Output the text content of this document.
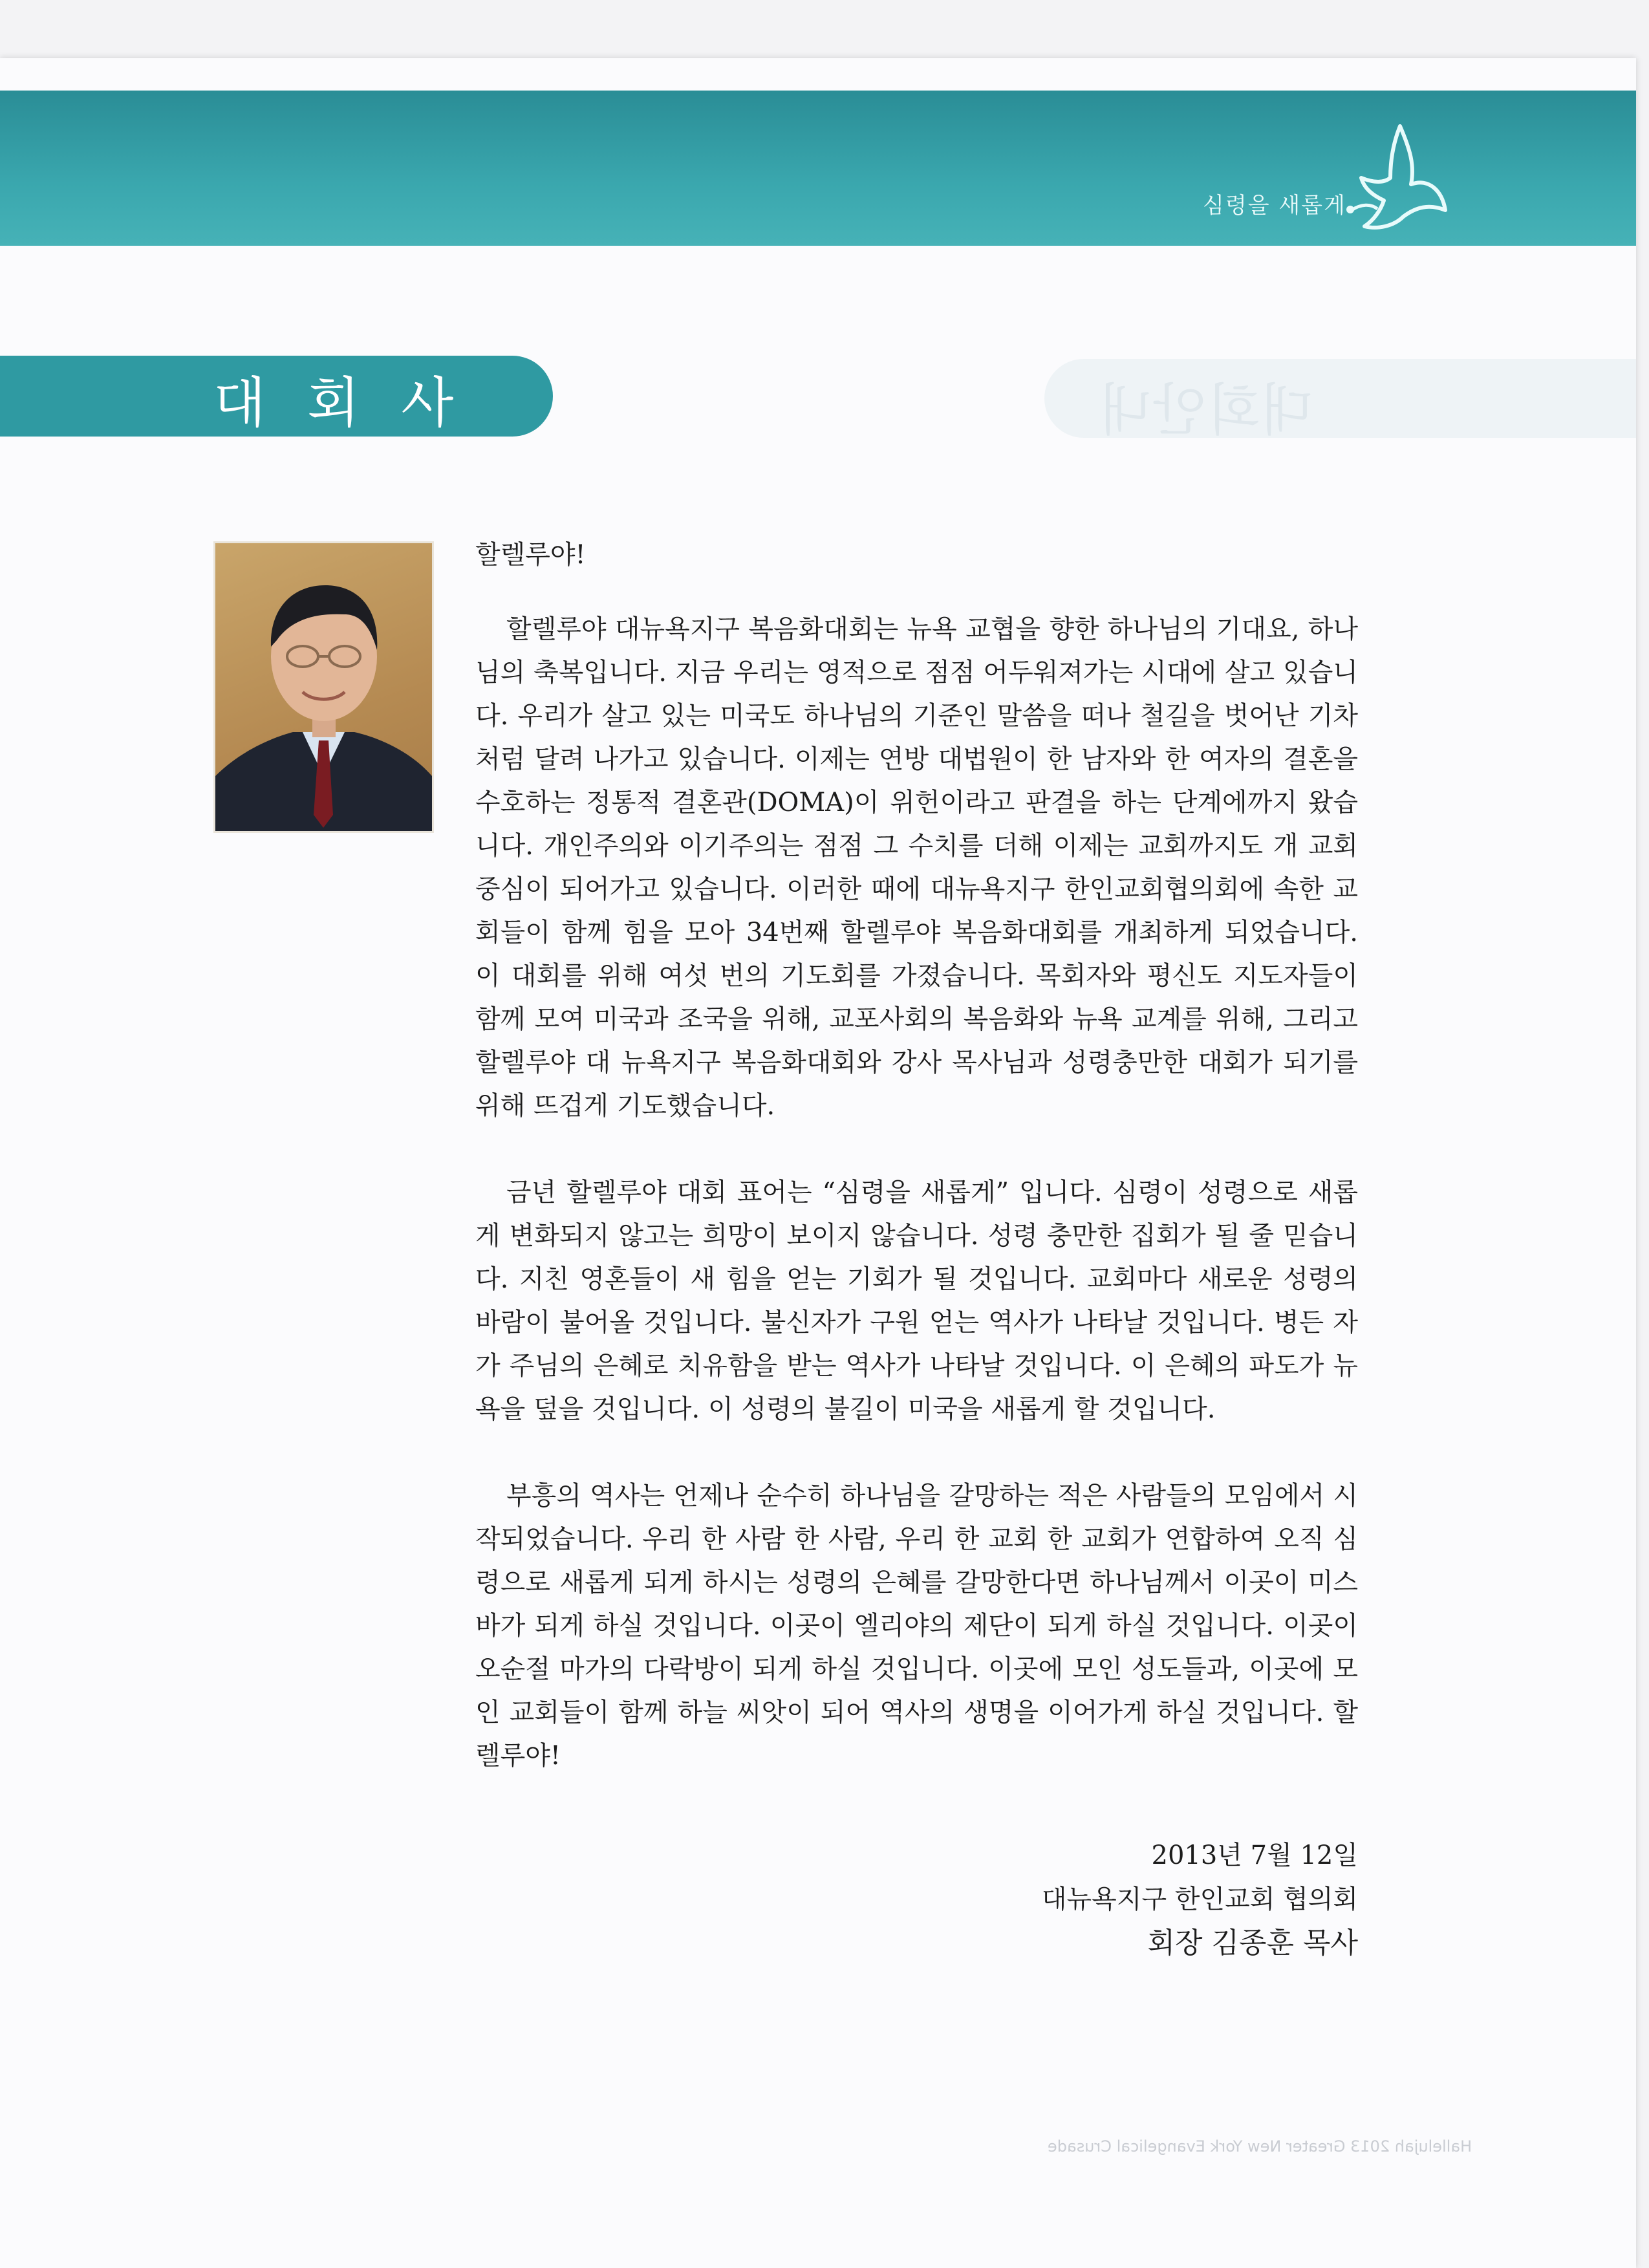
심령을 새롭게
대회사	대회안내

할렐루야!

할렐루야 대뉴욕지구 복음화대회는 뉴욕 교협을 향한 하나님의 기대요, 하나님의 축복입니다. 지금 우리는 영적으로 점점 어두워져가는 시대에 살고 있습니다. 우리가 살고 있는 미국도 하나님의 기준인 말씀을 떠나 철길을 벗어난 기차처럼 달려 나가고 있습니다. 이제는 연방 대법원이 한 남자와 한 여자의 결혼을 수호하는 정통적 결혼관(DOMA)이 위헌이라고 판결을 하는 단계에까지 왔습니다. 개인주의와 이기주의는 점점 그 수치를 더해 이제는 교회까지도 개 교회중심이 되어가고 있습니다. 이러한 때에 대뉴욕지구 한인교회협의회에 속한 교회들이 함께 힘을 모아 34번째 할렐루야 복음화대회를 개최하게 되었습니다. 이 대회를 위해 여섯 번의 기도회를 가졌습니다. 목회자와 평신도 지도자들이 함께 모여 미국과 조국을 위해, 교포사회의 복음화와 뉴욕 교계를 위해, 그리고 할렐루야 대 뉴욕지구 복음화대회와 강사 목사님과 성령충만한 대회가 되기를 위해 뜨겁게 기도했습니다.

금년 할렐루야 대회 표어는 “심령을 새롭게” 입니다. 심령이 성령으로 새롭게 변화되지 않고는 희망이 보이지 않습니다. 성령 충만한 집회가 될 줄 믿습니다. 지친 영혼들이 새 힘을 얻는 기회가 될 것입니다. 교회마다 새로운 성령의 바람이 불어올 것입니다. 불신자가 구원 얻는 역사가 나타날 것입니다. 병든 자가 주님의 은혜로 치유함을 받는 역사가 나타날 것입니다. 이 은혜의 파도가 뉴욕을 덮을 것입니다. 이 성령의 불길이 미국을 새롭게 할 것입니다.

부흥의 역사는 언제나 순수히 하나님을 갈망하는 적은 사람들의 모임에서 시작되었습니다. 우리 한 사람 한 사람, 우리 한 교회 한 교회가 연합하여 오직 심령으로 새롭게 되게 하시는 성령의 은혜를 갈망한다면 하나님께서 이곳이 미스바가 되게 하실 것입니다. 이곳이 엘리야의 제단이 되게 하실 것입니다. 이곳이 오순절 마가의 다락방이 되게 하실 것입니다. 이곳에 모인 성도들과, 이곳에 모인 교회들이 함께 하늘 씨앗이 되어 역사의 생명을 이어가게 하실 것입니다. 할렐루야!

2013년 7월 12일
대뉴욕지구 한인교회 협의회
회장 김종훈 목사
Hallelujah 2013 Greater New York Evangelical Crusade
